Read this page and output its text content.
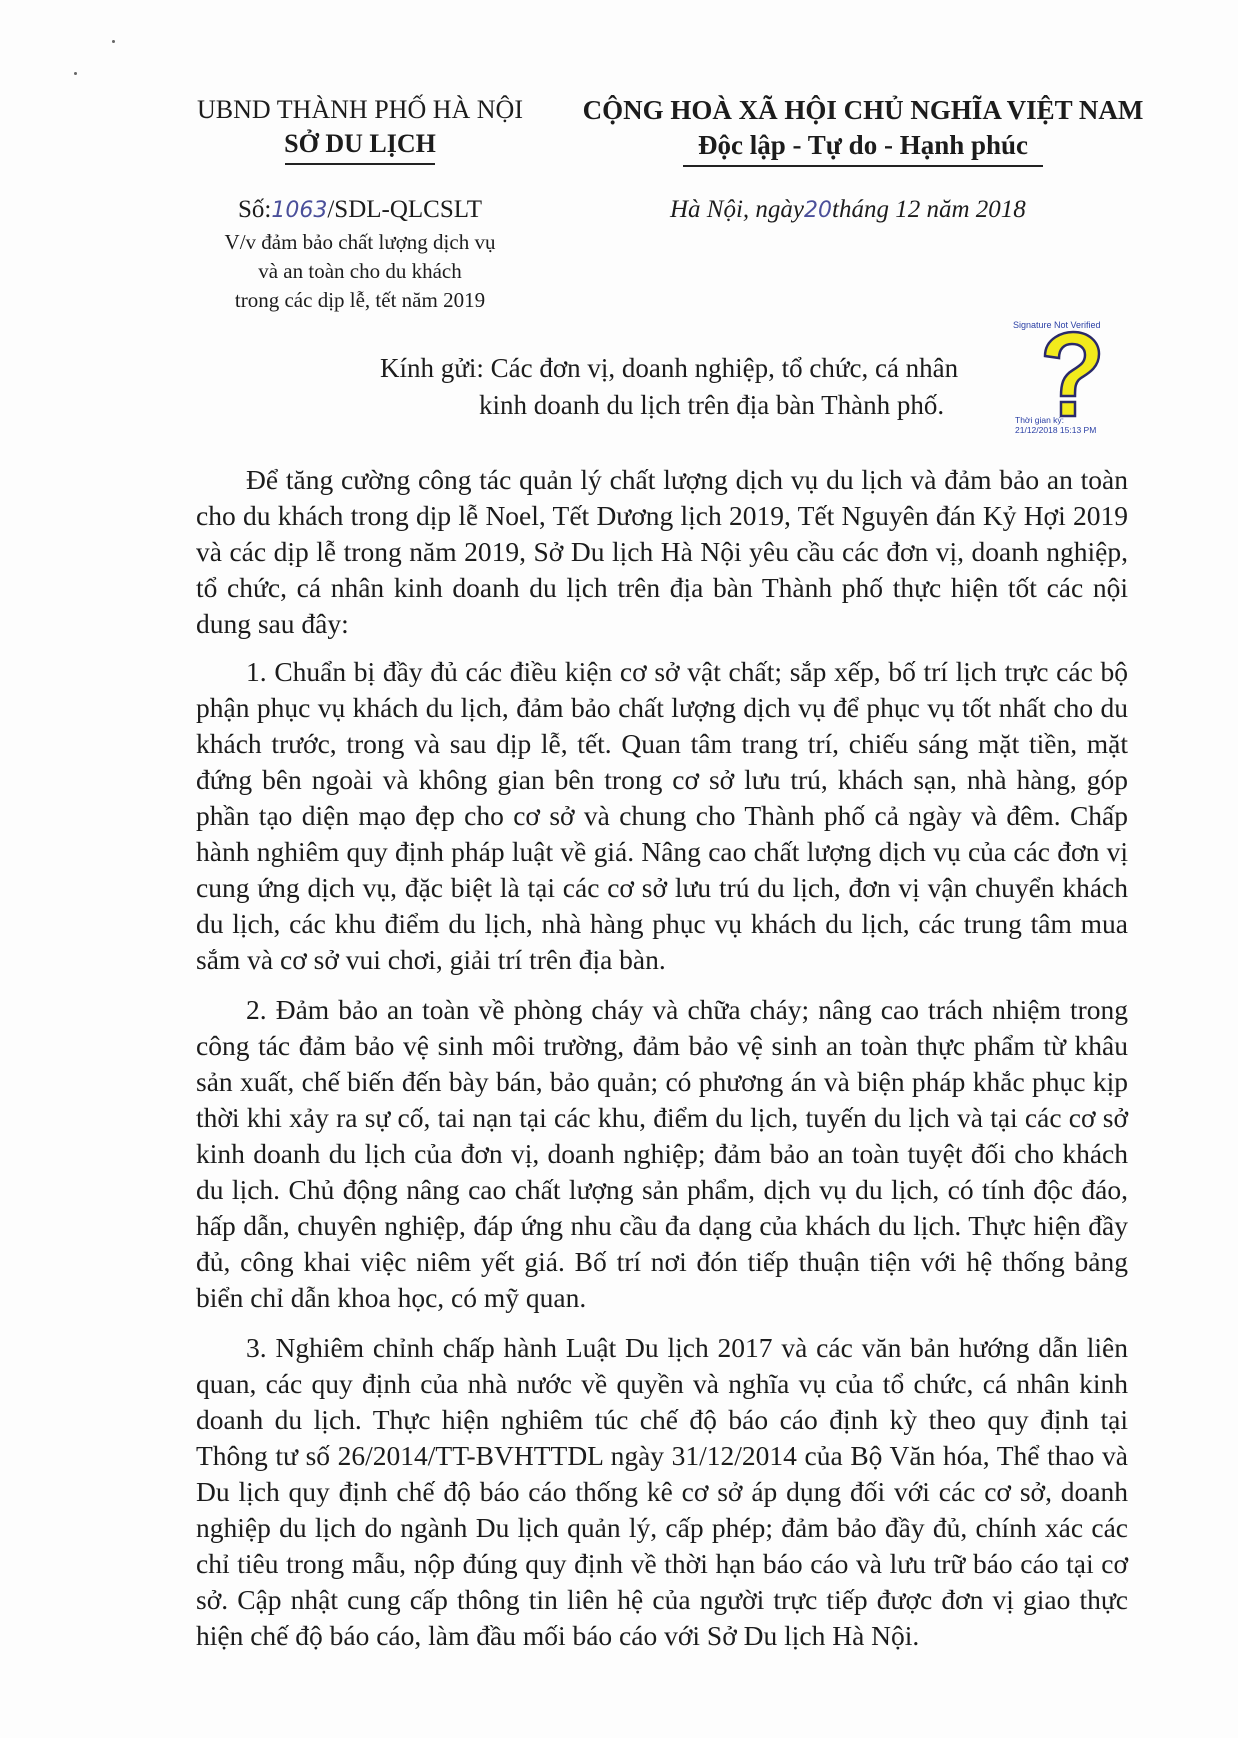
UBND THÀNH PHỐ HÀ NỘI
SỞ DU LỊCH
CỘNG HOÀ XÃ HỘI CHỦ NGHĨA VIỆT NAM
Độc lập - Tự do - Hạnh phúc
Số:1063/SDL-QLCSLT
V/v đảm bảo chất lượng dịch vụ
và an toàn cho du khách
trong các dịp lễ, tết năm 2019
Hà Nội, ngày20tháng 12 năm 2018
Kính gửi: Các đơn vị, doanh nghiệp, tổ chức, cá nhân
kinh doanh du lịch trên địa bàn Thành phố.
Signature Not Verified
Thời gian ký:
21/12/2018 15:13 PM

Để tăng cường công tác quản lý chất lượng dịch vụ du lịch và đảm bảo an toàn cho du khách trong dịp lễ Noel, Tết Dương lịch 2019, Tết Nguyên đán Kỷ Hợi 2019 và các dịp lễ trong năm 2019, Sở Du lịch Hà Nội yêu cầu các đơn vị, doanh nghiệp, tổ chức, cá nhân kinh doanh du lịch trên địa bàn Thành phố thực hiện tốt các nội dung sau đây:

1. Chuẩn bị đầy đủ các điều kiện cơ sở vật chất; sắp xếp, bố trí lịch trực các bộ phận phục vụ khách du lịch, đảm bảo chất lượng dịch vụ để phục vụ tốt nhất cho du khách trước, trong và sau dịp lễ, tết. Quan tâm trang trí, chiếu sáng mặt tiền, mặt đứng bên ngoài và không gian bên trong cơ sở lưu trú, khách sạn, nhà hàng, góp phần tạo diện mạo đẹp cho cơ sở và chung cho Thành phố cả ngày và đêm. Chấp hành nghiêm quy định pháp luật về giá. Nâng cao chất lượng dịch vụ của các đơn vị cung ứng dịch vụ, đặc biệt là tại các cơ sở lưu trú du lịch, đơn vị vận chuyển khách du lịch, các khu điểm du lịch, nhà hàng phục vụ khách du lịch, các trung tâm mua sắm và cơ sở vui chơi, giải trí trên địa bàn.

2. Đảm bảo an toàn về phòng cháy và chữa cháy; nâng cao trách nhiệm trong công tác đảm bảo vệ sinh môi trường, đảm bảo vệ sinh an toàn thực phẩm từ khâu sản xuất, chế biến đến bày bán, bảo quản; có phương án và biện pháp khắc phục kịp thời khi xảy ra sự cố, tai nạn tại các khu, điểm du lịch, tuyến du lịch và tại các cơ sở kinh doanh du lịch của đơn vị, doanh nghiệp; đảm bảo an toàn tuyệt đối cho khách du lịch. Chủ động nâng cao chất lượng sản phẩm, dịch vụ du lịch, có tính độc đáo, hấp dẫn, chuyên nghiệp, đáp ứng nhu cầu đa dạng của khách du lịch. Thực hiện đầy đủ, công khai việc niêm yết giá. Bố trí nơi đón tiếp thuận tiện với hệ thống bảng biển chỉ dẫn khoa học, có mỹ quan.

3. Nghiêm chỉnh chấp hành Luật Du lịch 2017 và các văn bản hướng dẫn liên quan, các quy định của nhà nước về quyền và nghĩa vụ của tổ chức, cá nhân kinh doanh du lịch. Thực hiện nghiêm túc chế độ báo cáo định kỳ theo quy định tại Thông tư số 26/2014/TT-BVHTTDL ngày 31/12/2014 của Bộ Văn hóa, Thể thao và Du lịch quy định chế độ báo cáo thống kê cơ sở áp dụng đối với các cơ sở, doanh nghiệp du lịch do ngành Du lịch quản lý, cấp phép; đảm bảo đầy đủ, chính xác các chỉ tiêu trong mẫu, nộp đúng quy định về thời hạn báo cáo và lưu trữ báo cáo tại cơ sở. Cập nhật cung cấp thông tin liên hệ của người trực tiếp được đơn vị giao thực hiện chế độ báo cáo, làm đầu mối báo cáo với Sở Du lịch Hà Nội.
